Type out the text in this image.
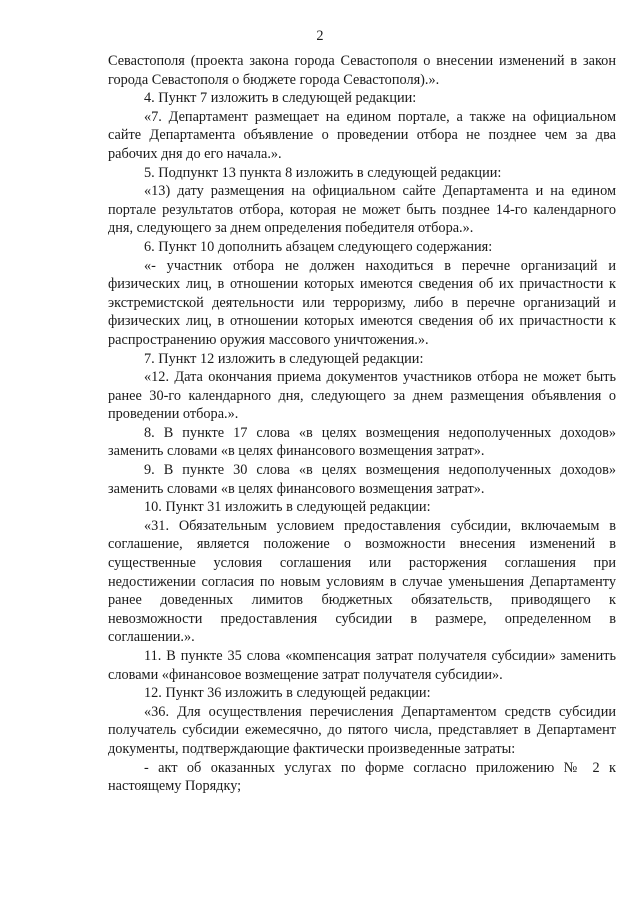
2

Севастополя (проекта закона города Севастополя о внесении изменений в закон города Севастополя о бюджете города Севастополя).».

4. Пункт 7 изложить в следующей редакции:

«7. Департамент размещает на едином портале, а также на официальном сайте Департамента объявление о проведении отбора не позднее чем за два рабочих дня до его начала.».

5. Подпункт 13 пункта 8 изложить в следующей редакции:

«13) дату размещения на официальном сайте Департамента и на едином портале результатов отбора, которая не может быть позднее 14-го календарного дня, следующего за днем определения победителя отбора.».

6. Пункт 10 дополнить абзацем следующего содержания:

«- участник отбора не должен находиться в перечне организаций и физических лиц, в отношении которых имеются сведения об их причастности к экстремистской деятельности или терроризму, либо в перечне организаций и физических лиц, в отношении которых имеются сведения об их причастности к распространению оружия массового уничтожения.».

7. Пункт 12 изложить в следующей редакции:

«12. Дата окончания приема документов участников отбора не может быть ранее 30-го календарного дня, следующего за днем размещения объявления о проведении отбора.».

8. В пункте 17 слова «в целях возмещения недополученных доходов» заменить словами «в целях финансового возмещения затрат».

9. В пункте 30 слова «в целях возмещения недополученных доходов» заменить словами «в целях финансового возмещения затрат».

10. Пункт 31 изложить в следующей редакции:

«31. Обязательным условием предоставления субсидии, включаемым в соглашение, является положение о возможности внесения изменений в существенные условия соглашения или расторжения соглашения при недостижении согласия по новым условиям в случае уменьшения Департаменту ранее доведенных лимитов бюджетных обязательств, приводящего к невозможности предоставления субсидии в размере, определенном в соглашении.».

11. В пункте 35 слова «компенсация затрат получателя субсидии» заменить словами «финансовое возмещение затрат получателя субсидии».

12. Пункт 36 изложить в следующей редакции:

«36. Для осуществления перечисления Департаментом средств субсидии получатель субсидии ежемесячно, до пятого числа, представляет в Департамент документы, подтверждающие фактически произведенные затраты:

- акт об оказанных услугах по форме согласно приложению № 2 к настоящему Порядку;
